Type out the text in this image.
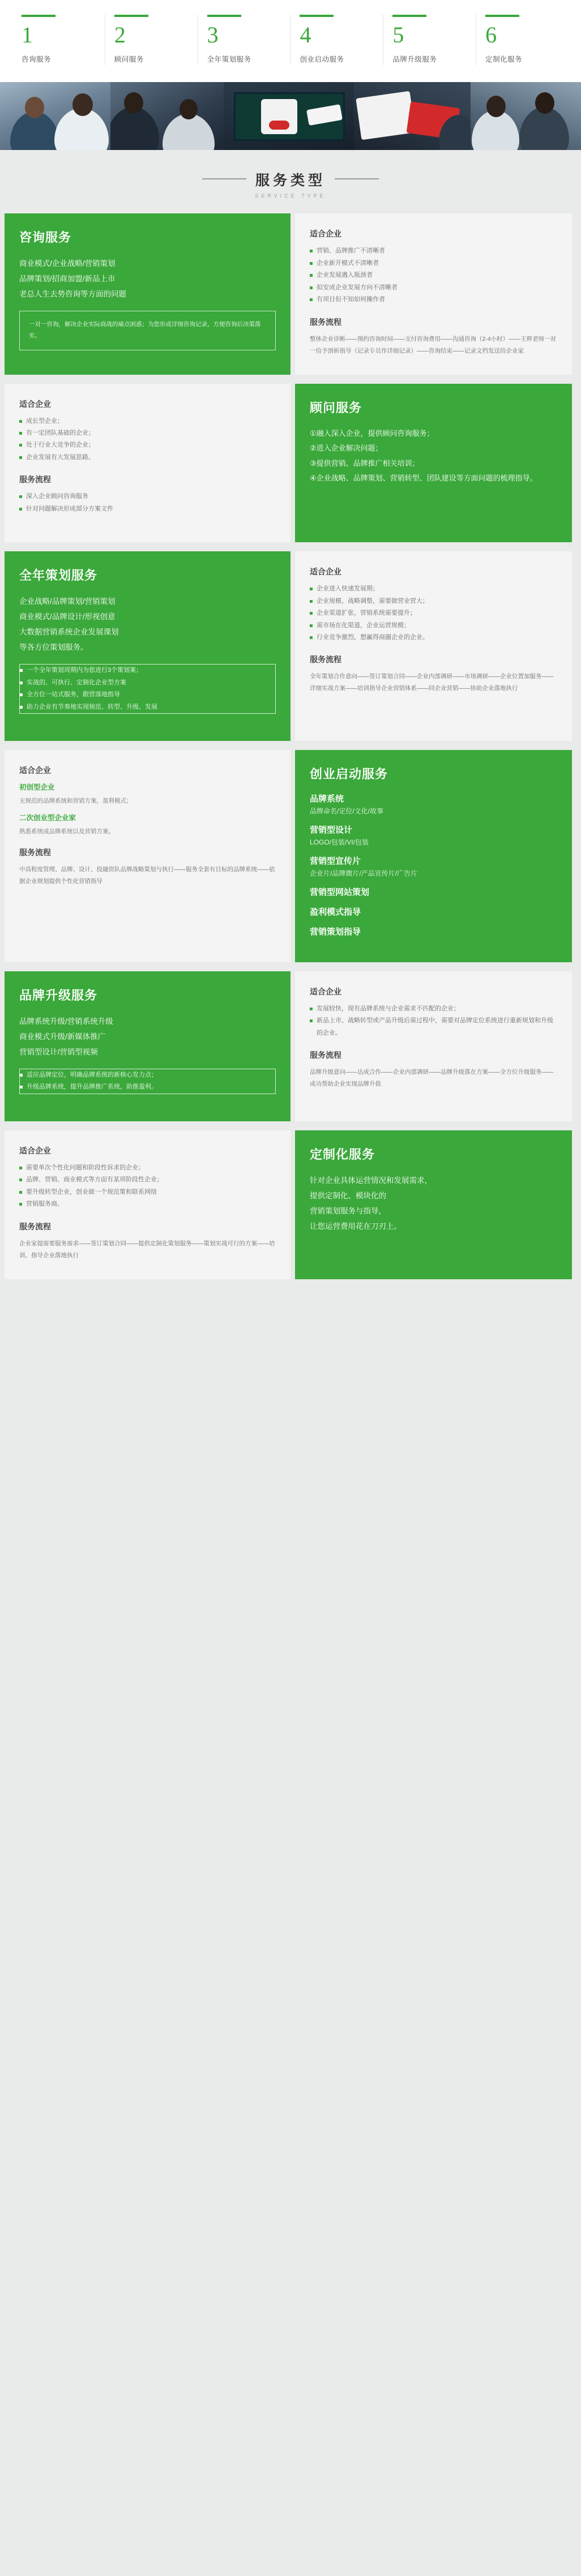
1
咨询服务
2
顾问服务
3
全年策划服务
4
创业启动服务
5
品牌升级服务
6
定制化服务
服务类型
SERVICE TYPE
咨询服务
商业模式/企业战略/营销策划
品牌策划/招商加盟/新品上市
老总人生去势咨询等方面的问题
一对一咨询，解决企业实际商战的痛点困惑；为您形成详细咨询记录，方便咨询后决策落实。
适合企业
营销、品牌推广不清晰者
企业新开模式不清晰者
企业发展遇入瓶颈者
拟安成企业发展方向不清晰者
有项目但不知如何操作者
服务流程
整体企业诊断——预约咨询时间——支付咨询费用——沟通咨询（2-4小时）——王辉老师一对一给予剖析指导（记录专员作详细记录）——咨询结束——记录文档发送给企业家
适合企业
成长型企业；
有一定团队基础的企业；
处于行业大竞争的企业；
企业发展有大发展思路。
服务流程
深入企业顾问咨询服务
针对问题解决形成部分方案文件
顾问服务
①融入深入企业，提供顾问咨询服务；
②进入企业解决问题；
③提供营销、品牌推广相关培训；
④企业战略、品牌策划、营销转型、团队建设等方面问题的梳理指导。
全年策划服务
企业战略/品牌策划/营销策划
商业模式/品牌设计/形视创意
大数据营销系统企业发展课划
等各方位策划服务。
一个全年策划周期内为您进行3个策划案；
实战的、可执行、定制化企业型方案
全方位一站式服务，跟营落地指导
助力企业有节奏地实现规范、转型、升级、发展
适合企业
企业进入快速发展期；
企业规模、战略调整，需要做营业营大；
企业渠道扩张，营销系统需要提升；
需市场在化渠道，企业运营规模；
行业竞争激烈，想赢得商圈企业的企业。
服务流程
全年策划合作意向——签订策划合同——企业内部调研——市场调研——企业位置加服务——详细实战方案——培训指导企业营销体系——同企业营销——协助企业落地执行
适合企业
初创型企业
无规范的品牌系统和营销方案，盈利模式；
二次创业型企业家
熟悉系统或品牌系统以及营销方案。
服务流程
中高程度管理、品牌、设计、投融资队品牌战略策划与执行——服务全套有目标的品牌系统——依据企业规划提供个性化营销指导
创业启动服务
品牌系统
品牌命名/定位/文化/故事
营销型设计
LOGO/包装/VI/包装
营销型宣传片
企业片/品牌微片/产品宣传片/广告片
营销型网站策划
盈利模式指导
营销策划指导
品牌升级服务
品牌系统升级/营销系统升级
商业模式升级/新媒体推广
营销型设计/营销型视频
适应品牌定位，明确品牌系统的新核心发力点；
升级品牌系统，提升品牌推广系统，助推盈利。
适合企业
发展较快，现有品牌系统与企业需求不匹配的企业；
新品上市、战略转型或产品升级后需过程中，需要对品牌定位系统进行重新规划和升级的企业。
服务流程
品牌升级意向——达成合作——企业内部调研——品牌升级落在方案——全方位升级服务——成功帮助企业实现品牌升值
适合企业
需要单次个性化问题和阶段性诉求的企业；
品牌、营销、商业模式等方面有某项阶段性企业；
要升级转型企业，创业做一个规范策和联系网络
营销服务商。
服务流程
企业家提需要服务需求——签订策划合同——提供定制化策划服务——策划实战可行的方案——培训、指导企业落地执行
定制化服务
针对企业具体运营情况和发展需求，
提供定制化、模块化的
营销策划服务与指导，
让您运营费用花在刀刃上。
